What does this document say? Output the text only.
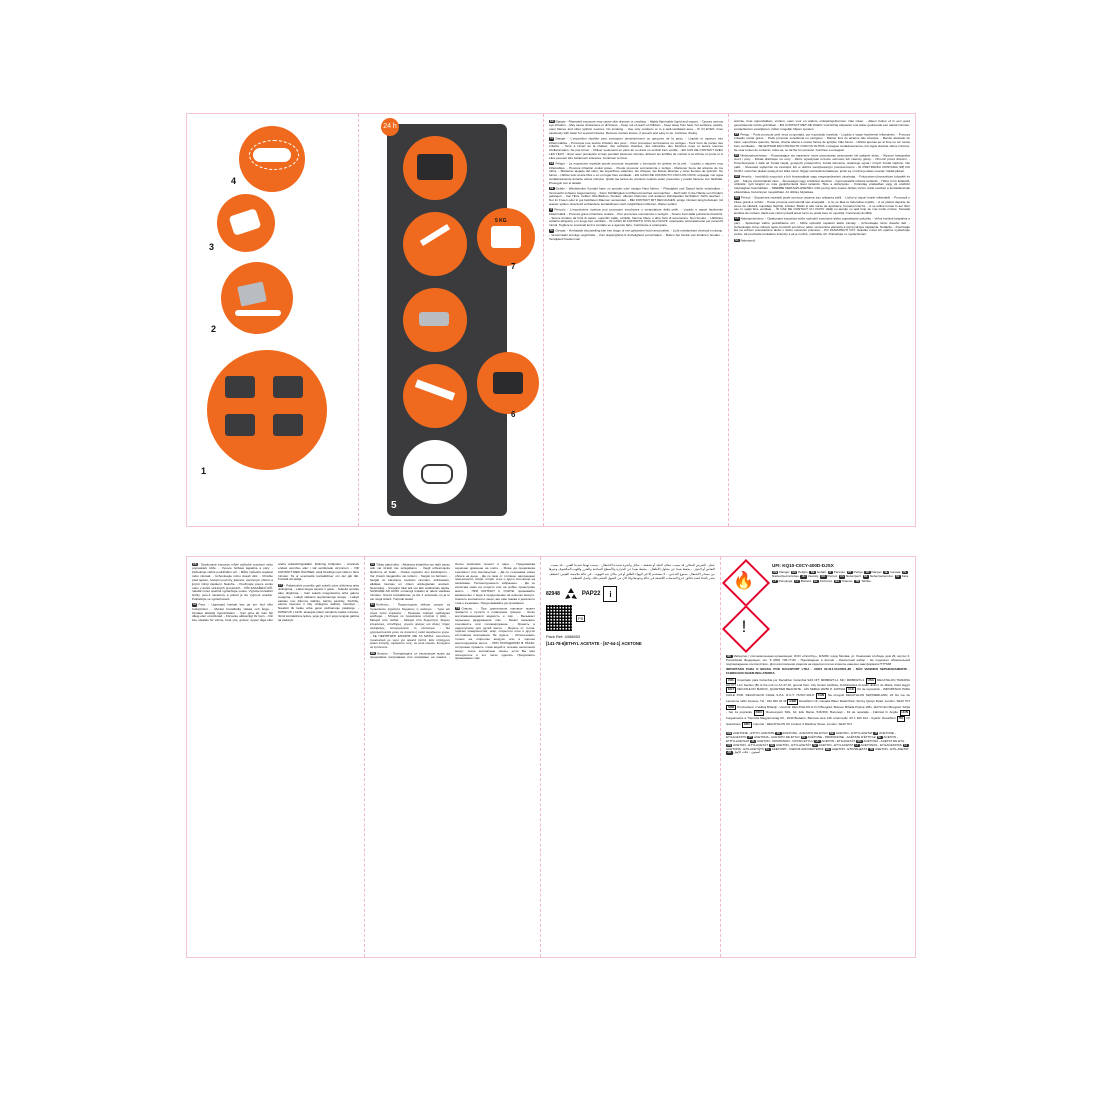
4
3
2
1
24 h
5
7
5 KG
6

EN Danger - Repeated exposure may cause skin dryness or cracking. - Highly flammable liquid and vapour. - Causes serious eye irritation. - May cause drowsiness or dizziness. - Keep out of reach of children. - Keep away from heat, hot surfaces, sparks, open flames and other ignition sources. No smoking. - Use only outdoors or in a well-ventilated area. - IF IN EYES: rinse cautiously with water for several minutes. Remove contact lenses, if present and easy to do. Continue rinsing.

FR Danger - L'exposition répétée peut provoquer dessèchement ou gerçures de la peau. - Liquide et vapeurs très inflammables. - Provoque une sévère irritation des yeux. - Peut provoquer somnolence ou vertiges - Tenir hors de portée des enfants. - Tenir à l'écart de la chaleur, des surfaces chaudes, des étincelles, des flammes nues et autres sources d'inflammation. Ne pas fumer. - Utiliser seulement en plein air ou dans un endroit bien ventilé. - EN CAS DE CONTACT AVEC LES YEUX : rincer avec précaution à l'eau pendant plusieurs minutes. Enlever les lentilles de contact si la victime en porte et si elles peuvent être facilement enlevées. Continuer à rincer.

ES Peligro - La exposición repetida puede provocar sequedad o formación de grietas en la piel. - Líquido y vapores muy inflamables. - Provoca irritación ocular grave. - Puede provocar somnolencia o vértigo - Mantener fuera del alcance de los niños. - Mantener alejado del calor, las superficies calientes, las chispas, las llamas abiertas y otras fuentes de ignición. No fumar. - Utilizar sólo al aire libre o en un lugar bien ventilado. - EN CASO DE CONTACTO CON LOS OJOS: enjuagar con agua cuidadosamente durante varios minutos. Quitar las lentes de contacto cuando estén presentes y pueda hacerse con facilidad. Proseguir con el lavado.

DE Gefahr - Wiederholter Kontakt kann zu spröder oder rissiger Haut führen. - Flüssigkeit und Dampf leicht entzündbar. - Verursacht schwere Augenreizung. - Kann Schläfrigkeit und Benommenheit verursachen. - Darf nicht in die Hände von Kindern gelangen. - Von Hitze, heißen Oberflächen, Funken, offenen Flammen und anderen Zündquellen fernhalten. Nicht rauchen. - Nur im Freien oder in gut belüfteten Räumen verwenden. - BEI KONTAKT MIT DEN AUGEN: einige minuten lang behutsam mit wasser spülen. Eventuell vorhandene kontaktlinsen nach möglichkeit entfernen. Weiter spülen.

IT Pericolo - L'esposizione ripetuta può provocare secchezza o screpolature della pelle. - Liquido e vapori facilmente infiammabili. - Provoca grave irritazione oculare. - Può provocare sonnolenza o vertigini. - Tenere fuori dalla portata dei bambini. - Tenere lontano da fonti di calore, superfici calde, scintille, fiamme libere o altre fonti di accensione. Non fumare. - Utilizzare soltanto all'aperto o in luogo ben ventilato. - IN CASO DI CONTATTO CON GLI OCCHI: sciacquare accuratamente per parecchi minuti. Togliere le eventuali lenti a contatto se è agevole farlo. Continuare a sciacquare.

NL Gevaar. - Herhaalde blootstelling kan een droge of een gebarsten huid veroorzaken. - Licht ontvlambare vloeistof en damp. - Veroorzaakt ernstige oogirritatie. - Kan slaperigheid of duizeligheid veroorzaken. - Buiten het bereik van kinderen houden. - Verwijderd houden van

warmte, hete oppervlakken, vonken, open vuur en andere ontstekingsbronnen. Niet roken. - Alleen buiten of in een goed geventileerde ruimte gebruiken. - BIJ CONTACT MET DE OGEN: voorzichtig afspoelen met water gedurende een aantal minuten; contactlenzen verwijderen, indien mogelijk; blijven spoelen.

PT Perigo. - Pode provocar pele seca ou gretada, por exposição repetida. - Líquido e vapor facilmente inflamáveis. - Provoca irritação ocular grave. - Pode provocar sonolência ou vertigens. - Manter fora do alcance das crianças. - Manter afastado do calor, superfícies quentes, faísca, chama aberta e outras fontes de ignição. Não fumar. - Utilizar apenas ao ar livre ou em locais bem ventilados. - SE ENTRAR EM CONTACTO COM OS OLHOS: enxaguar cuidadosamente com água durante vários minutos. Se usar lentes de contacto, retire-as, se tal lhe for possível. Continue a enxaguar.

PL Niebezpieczeństwo. - Powtarzające się narażenie może powodować wysuszanie lub pękanie skóry. - Wysoce łatwopalna ciecz i pary. - Działa drażniąco na oczy. - Może wywoływać uczucie senności lub zawroty głowy. - Chronić przed dziećmi. - Przechowywać z dala od źródeł ciepła, gorących powierzchni, źródeł iskrzenia, otwartego ognia i innych źródeł zapłonu. Nie palić. - Stosować wyłącznie na zewnątrz lub w dobrze wentylowanym pomieszczeniu - W PRZYPADKU DOSTANIA SIĘ DO OCZU: ostrożnie płukać wodą przez kilka minut. Wyjąć soczewki kontaktowe, jeżeli są i można je łatwo usunąć. Nadal płukać.

HU Veszély. - Ismétlődő expozíció a bőr kiszáradását vagy megrepedezését okozhatja. - Fokozottan tűzveszélyes folyadék és gőz. - Súlyos szemirritációt okoz. - Álmosságot vagy szédülést okozhat. - Gyermekektől elzárva tartandó. - Hőtől, forró felülettől, szikrától, nyílt lángtól és más gyújtóforrástól távol tartandó. Tilos a dohányzás. - Kizárólag szabadban vagy jól szellőző helyiségben használható. - SZEMBE KERÜLÉS ESETÉN: több percig tartó óvatos öblítés vízzel. Adott esetben a kontaktlencsék eltávolítása, ha könnyen megoldható. Az öblítés folytatása.

RO Pericol. - Expunerea repetată poate provoca uscarea sau crăparea pielii. - Lichid şi vapori foarte inflamabili. - Provoacă o iritare gravă a ochilor. - Poate provoca somnolenţă sau ameţeală. - A nu se lăsa la îndemâna copiilor. - A se păstra departe de surse de căldură, suprafeţe fierbinţi, scântei, flăcări şi alte surse de aprindere. Fumatul interzis. - A se utiliza numai în aer liber sau în spaţii bine ventilate. - ÎN CAZ DE CONTACT CU OCHII: clătiţi cu atenţie cu apă timp de mai multe minute. Scoateţi lentilele de contact, dacă este cazul şi dacă acest lucru se poate face cu uşurinţă. Continuaţi să clătiţi.

CS Nebezpečenstvo. - Opakovaná expozícia môže spôsobiť vysušenie alebo popraskanie pokožky. - Veľmi horľavá kvapalina a pary. - Spôsobuje vážne podráždenie očí. - Môže spôsobiť ospalosť alebo závraty. - Uchovávajte mimo dosahu detí. - Uchovávajte mimo zdrojov tepla, horúcich povrchov, iskier, otvoreného plameňa a iných zdrojov zapálenia. Nefajčite. - Používajte iba na voľnom priestranstve alebo v dobre vetranom priestore. - PO ZASIAHNUTÍ OČÍ: niekoľko minút ich opatrne vyplachujte vodou. Ak používate kontaktné šošovky a ak je možné, odstráňte ich. Pokračujte vo vyplachovaní.

SK Nebezpečí.

CS - Opakovaná expozice může způsobit vysušení nebo popraskání kůže. - Vysoce hořlavá kapalina a páry. - Způsobuje vážné podráždění očí. - Může způsobit ospalost nebo závratě. - Uchovávejte mimo dosah dětí. - Chraňte před teplem, horkými povrchy, jiskrami, otevřeným ohněm a jinými zdroji zapálení. Nekuřte. - Používejte pouze venku nebo v dobře větraných prostorách. - PŘI ZASAŽENÍ OČÍ: několik minut opatrně vyplachujte vodou. Vyjměte kontaktní čočky, jsou-li nasazeny a pokud je lze vyjmout snadno. Pokračujte ve vyplachování.

SV Fara. - Upprepad kontakt kan ge torr hud eller hudsprickor. - Mycket brandfarlig vätska och ånga. - Orsakar allvarlig ögonirritation. - Kan göra att man blir dåsig eller omtöcknad. - Förvaras oåtkomligt för barn. - Får inte utsättas för värme, heta ytor, gnistor, öppen låga eller andra antändningskällor. Rökning förbjuden. - Används endast utomhus eller i väl ventilerade utrymmen. - VID KONTAKT MED ÖGONEN: skölj försiktigt med vatten i flera minuter. Ta ur eventuella kontaktlinser om det går lätt. Fortsätt att skölja.

LT - Pakartotinis poveikis gali sukelti odos džiūvimą arba skilinėjimą. - Labai degus skystis ir garai. - Sukelia smarkų akių dirginimą. - Gali sukelti mieguistumą arba galvos svaigimą. - Laikyti vaikams neprieinamoje vietoje. - Laikyti atokiau nuo šilumos šaltinių, karštų paviršių, žiežirbų, atviros liepsnos ir kitų uždegimo šaltinių. Nerūkyti. - Naudoti tik lauke arba gerai vėdinamoje patalpoje. - PATEKUS Į AKIS: atsargiai plauti vandeniu kelias minutes. Išimti kontaktinius lęšius, jeigu jie yra ir jeigu lengvai galima tai padaryti.

LV Toliau plauti akis. - Atkārtota iedarbība var radīt sausu ādu vai izraisīt tās sprēgāšanu. - Viegli uzliesmojošs šķidrums un tvaiki. - Izraisa nopietnu acu kairinājumu. - Var izraisīt miegainību vai reiboni. - Sargāt no bērniem. - Sargāt no karstuma, karstām virsmām, dzirkstelēm, atklātas liesmas un citiem aizdegšanās avotiem. Nesmēķēt. - Izmantot tikai ārā vai labi vēdināmās telpās. SASKARĒ AR ACĪM: uzmanīgi izskalot ar ūdeni vairākas minūtes. Izņemt kontaktlēcas, ja tās ir ievietotas un ja to var viegli izdarīt. Turpināt skalot.

EL Κίνδυνος. - Παρατεταμένη έκθεση μπορεί να προκαλέσει ξηρότητα δέρματος ή σκάσιμο. - Υγρό και ατμοί πολύ εύφλεκτα. - Προκαλεί σοβαρό οφθαλμικό ερεθισμό. - Μπορεί να προκαλέσει υπνηλία ή ζάλη. - Μακριά από παιδιά. - Μακριά από θερμότητα, θερμές επιφάνειες, σπινθήρες, γυμνές φλόγες και άλλες πηγές ανάφλεξης. Απαγορεύεται το κάπνισμα. - Να χρησιμοποιείται μόνο σε ανοικτό ή καλά αεριζόμενο χώρο. - ΣΕ ΠΕΡΙΠΤΩΣΗ ΕΠΑΦΗΣ ΜΕ ΤΑ ΜΑΤΙΑ: Ξεπλύνετε προσεκτικά με νερό για αρκετά λεπτά. Εάν υπάρχουν φακοί επαφής, αφαιρέστε τους, αν είναι εύκολο. Συνεχίστε να ξεπλένετε.

BG Опасно. - Повтарящата се експозиция може да предизвика изсушаване или напукване на кожата. - Лесно запалими течност и пари. - Предизвиква сериозно дразнене на очите. - Може да предизвика сънливост или световъртеж. - Да се съхранява извън обсега на деца. - Да се пази от топлина, нагорещени повърхности, искри, открит огън и други източници на запалване. Тютюнопушенето забранено. - Да се използва само на открито или на добре проветриво място. - ПРИ КОНТАКТ С ОЧИТЕ: промивайте внимателно с вода в продължение на няколко минути. Свалете контактните лещи, ако има такива и доколкото това е възможно. Продължавайте да промивате.

TR Опасно. - При длительном контакте может привести к сухости и появлению трещин. - Легко воспламеняющаяся жидкость и пар. - Вызывает серьезное раздражение глаз. - Может вызывать сонливость или головокружение. - Хранить в недоступном для детей месте. - Беречь от тепла, горячих поверхностей, искр, открытого огня и других источников возгорания. Не курить. - Использовать только на открытом воздухе или в хорошо вентилируемом месте. - ПРИ ПОПАДАНИИ В ГЛАЗА: осторожно промыть глаза водой в течение нескольких минут; снять контактные линзы, если Вы ими пользуетесь и это легко сделать. Продолжить промывание глаз.

خطر - التعرض المتكرر قد يسبب جفاف الجلد أو تشققه. - سائل وأبخرة شديدة الاشتعال. - يسبب تهيجا شديدا للعين. - قد يسبب النعاس أو الدوار. - يحفظ بعيدا عن متناول الأطفال. - يحفظ بعيدا عن الحرارة والأسطح الساخنة والشرر واللهب المكشوف وغيرها من مصادر الاشتعال. ممنوع التدخين. - لا يستخدم إلا في الهواء الطلق أو في مكان جيد التهوية. - في حالة ملامسة العينين: اشطف بحذر بالماء لعدة دقائق. انزع العدسات اللاصقة في حالة وجودها وإذا كان من السهل القيام بذلك. واصل الشطف.
82948	PAP22	i
FR
Pack Ref: 4456853
[141-78-6]ETHYL ACETATE - [67-64-1] ACETONE
🔥
!
UFI: KQ10-C0CY-400D-DJSX
EN Danger. ES Peligro. DE Gefahr. IT Pericolo. PT Perigo. FR Danger. NL Gevaar. PL Niebezpieczeństwo. HU Veszély. RO Pericol. CS Nebezpečí. SK Nebezpečenstvo. SV Fara. LT Pavojinga. LV Bīstami. EL Κίνδυνος. BG Опасно. TR Tehlike.
RU Импортер / уполномоченная организация: ООО «Октоблу», 115280, город Москва, ул. Ленинская слобода, дом 26, корпус 2, Российская Федерация, тел. 8 (800) 700-77-66 - Произведено в Англии - Ремонтный набор - Не подлежит обязательной подтверждению соответствия - Для изготовления изделия на изделии или на этикетке нанесен знак формата ГГГГММ
IMPORTADO PARA O BRASIL POR IGUASPORT LTDA - CNPJ 02.314.041/0001-88 - NÃO VENDIDO SEPARADAMENTE - FABRICADO NA/EM INGLATERRA
COL Importado para Colombia por Decathlon Colombia SAS NIT: 900860271-1 SIC: 900860271-1 USA DECATHLON TRADING EGYPT LLC Section (B) of the unit no A7-47-10, ground floor, City Center Al-Maza, Al-Mohandes Al-Arabi district, AL-Maza, Cairo Egypt EGY DECATHLON MAROC, QUARTIER BEAUSITE , AIN SEBAA 20250 P. 1007944 CHL Kit de reposición - IMPORTADO PARA CHILE POR: DECATHLON CHILE S.P.A. R.U.T: 76.507.443-8 CHN Na στοιχεία DECATHLON SWITZERLAND, 20 bis rue de Lausanne 1201 Genève, Tél : 022 900 32 32 GBR Decathlon UK, Canada Water Retail Park, Surrey Quays Road, London, SE16 7PJ SRB Proizvodeno u Velikoj Britaniji - Uvoznik: DECATHLON D.O.O Beograd, Bulevar Mihaila Pupina 165v, 11070 Novi Beograd, Srbija - Set za popravku ROU Rounexsport SRL, bd. Iuliu Maniu, 546-560, Bucureşti - Kit de reparaţie - Fabricat în Anglia HUN Forgalmazza a Tízpróba Magyarország Kft., 2040 Budaörs, Barossa utca 146. Intermedic: 06 1 920 102 - Gyártó: Decathlon ITA Kit riparazione GRC Importer : DECATHLON UK Limited, 9 Maritime Street, London, SE16 7PJ
EN ACETONE - ETHYL ACETATE ES ACETONA - ACETATO DE ETILO DE ACETON - ETHYLACETAT IT ACETONE - ETILACETATO PT ACETONA - ACETATO DE ETILO FR ACÉTONE - PROPANONE - ACÉTATE D'ÉTHYLE NL ACETON - ETHYLACETAAT PL ACETON - PROPANON - OCTAN ETYLU HU ACETON - ETILACETÁT RO ACETONĂ - ACETAT DE ETIL CS ACETON - ETYLACETÁT SK ACETÓN - ETYLACETÁT SV ACETON - ETYLACETAT LT ACETONAS - ETILACETATAS LV ACETONS - ETILACETĀTS EL ΑΚΕΤΟΝΗ - ΟΞΙΚΟΣ ΑΙΘΥΛΕΣΤΕΡΑΣ BG АЦЕТОН - ЕТИЛАЦЕТАТ TR ASETON - ETİL ASETAT AR أسيتون - خلات الإيثيل
